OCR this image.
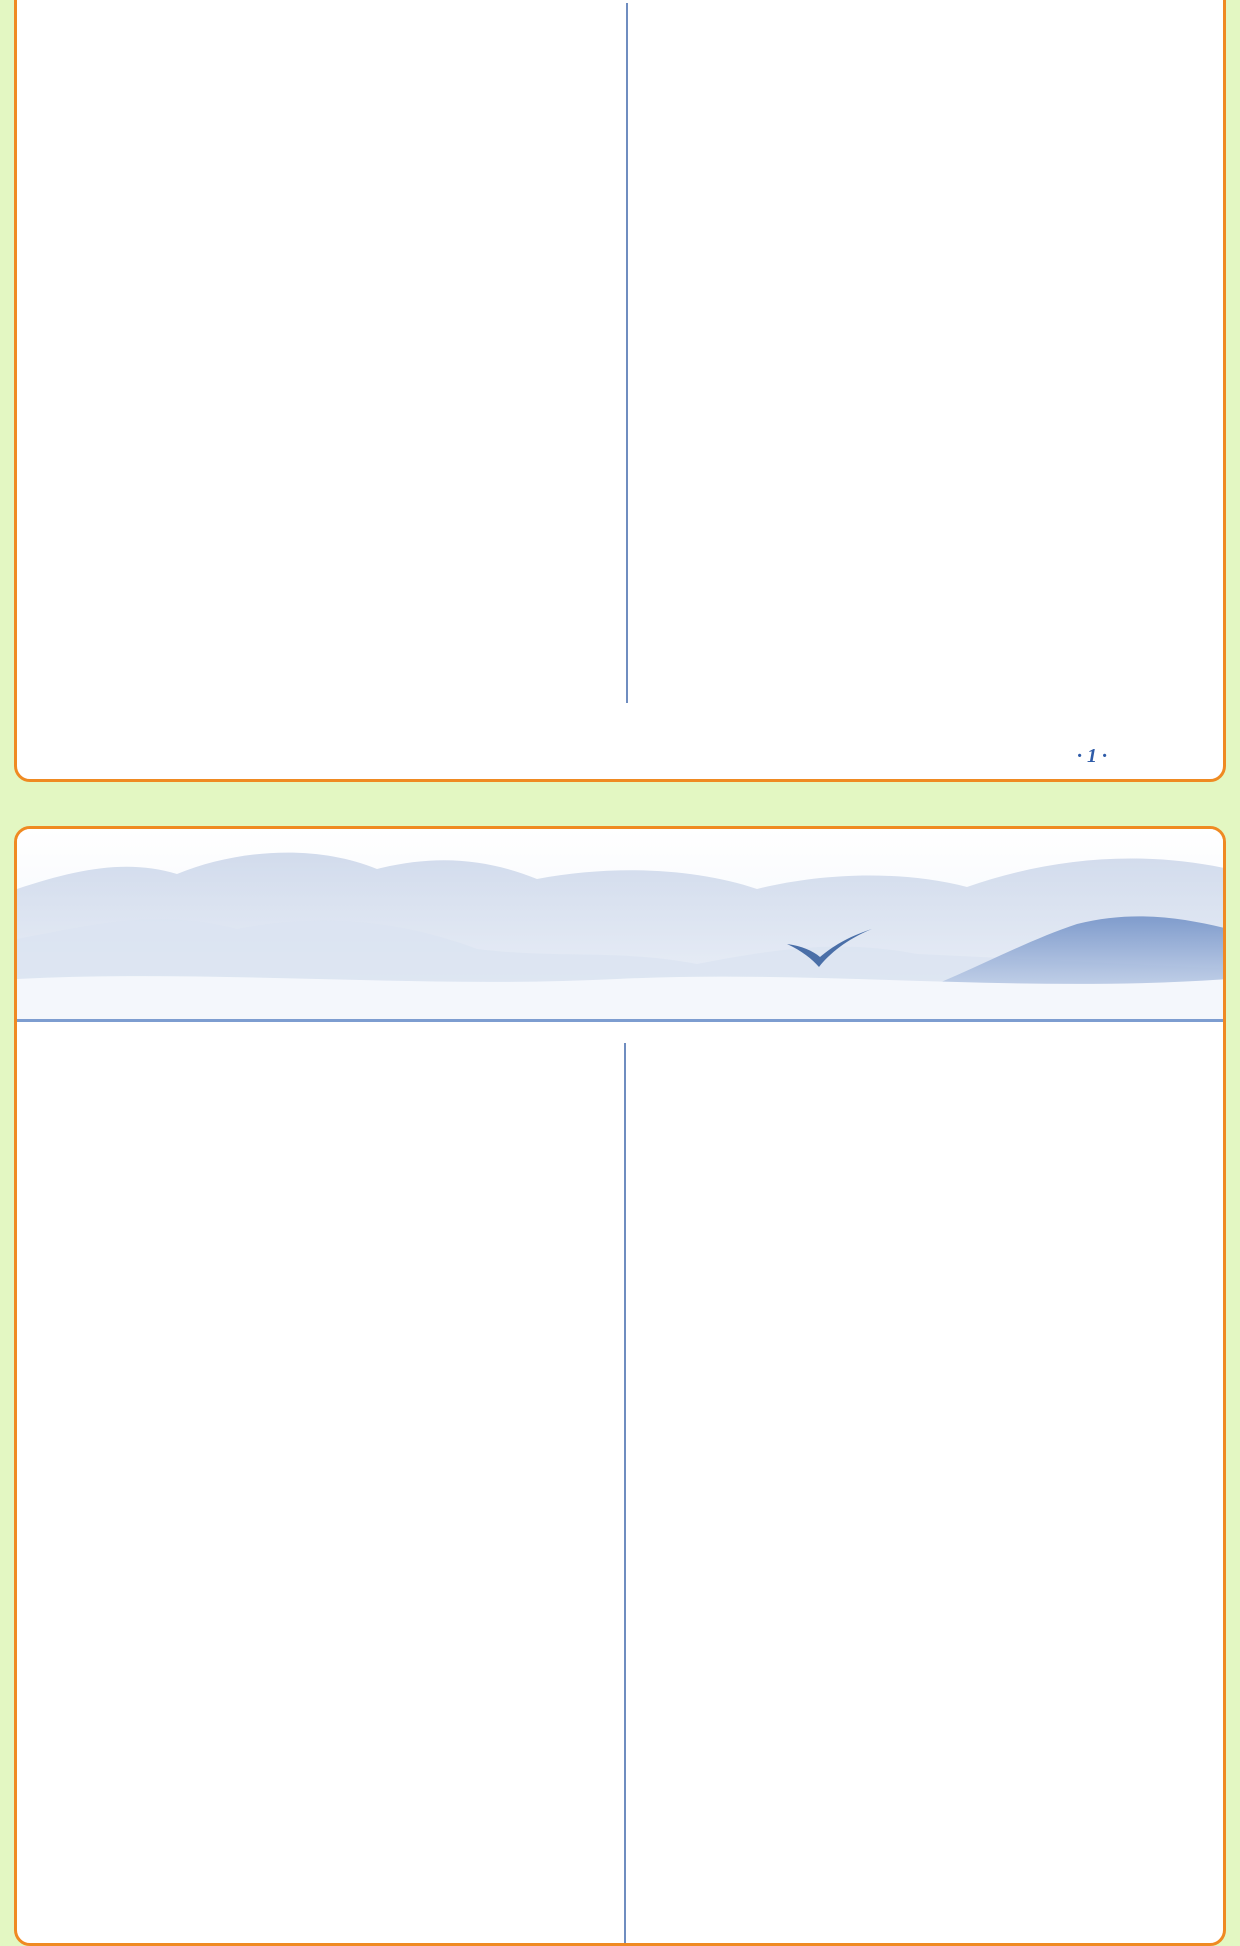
· 1 ·
